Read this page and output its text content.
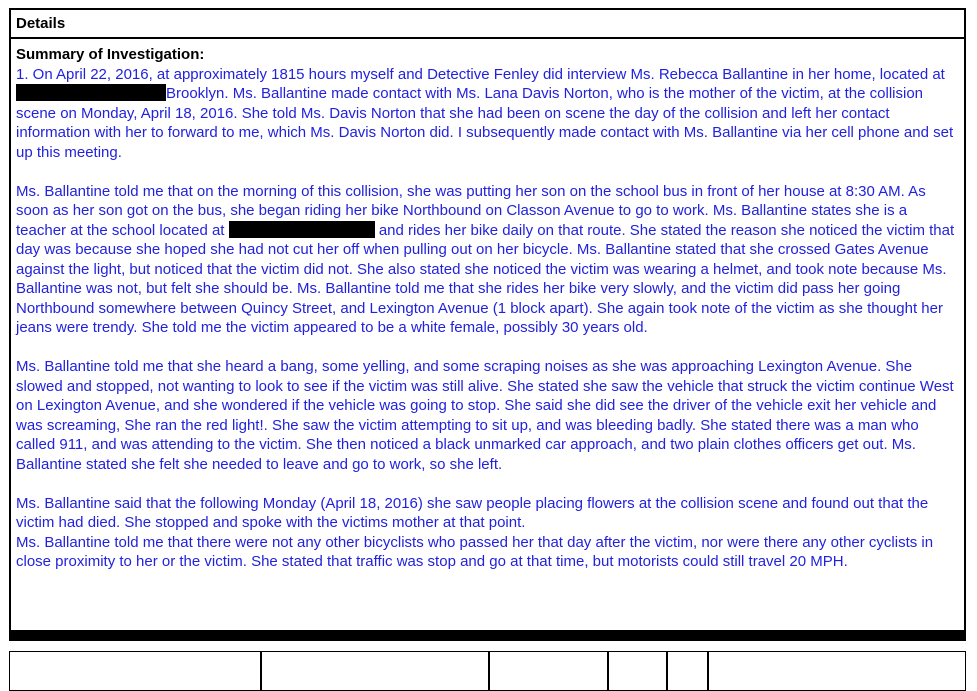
Details
Summary of Investigation:

1. On April 22, 2016, at approximately 1815 hours myself and Detective Fenley did interview Ms. Rebecca Ballantine in her home, located at Brooklyn. Ms. Ballantine made contact with Ms. Lana Davis Norton, who is the mother of the victim, at the collision scene on Monday, April 18, 2016. She told Ms. Davis Norton that she had been on scene the day of the collision and left her contact information with her to forward to me, which Ms. Davis Norton did. I subsequently made contact with Ms. Ballantine via her cell phone and set up this meeting.

Ms. Ballantine told me that on the morning of this collision, she was putting her son on the school bus in front of her house at 8:30 AM. As soon as her son got on the bus, she began riding her bike Northbound on Classon Avenue to go to work. Ms. Ballantine states she is a teacher at the school located at	and rides her bike daily on that route. She stated the reason she noticed the victim that day was because she hoped she had not cut her off when pulling out on her bicycle. Ms. Ballantine stated that she crossed Gates Avenue against the light, but noticed that the victim did not. She also stated she noticed the victim was wearing a helmet, and took note because Ms. Ballantine was not, but felt she should be. Ms. Ballantine told me that she rides her bike very slowly, and the victim did pass her going Northbound somewhere between Quincy Street, and Lexington Avenue (1 block apart). She again took note of the victim as she thought her jeans were trendy. She told me the victim appeared to be a white female, possibly 30 years old.

Ms. Ballantine told me that she heard a bang, some yelling, and some scraping noises as she was approaching Lexington Avenue. She slowed and stopped, not wanting to look to see if the victim was still alive. She stated she saw the vehicle that struck the victim continue West on Lexington Avenue, and she wondered if the vehicle was going to stop. She said she did see the driver of the vehicle exit her vehicle and was screaming, She ran the red light!. She saw the victim attempting to sit up, and was bleeding badly. She stated there was a man who called 911, and was attending to the victim. She then noticed a black unmarked car approach, and two plain clothes officers get out. Ms. Ballantine stated she felt she needed to leave and go to work, so she left.

Ms. Ballantine said that the following Monday (April 18, 2016) she saw people placing flowers at the collision scene and found out that the victim had died. She stopped and spoke with the victims mother at that point.

Ms. Ballantine told me that there were not any other bicyclists who passed her that day after the victim, nor were there any other cyclists in close proximity to her or the victim. She stated that traffic was stop and go at that time, but motorists could still travel 20 MPH.
